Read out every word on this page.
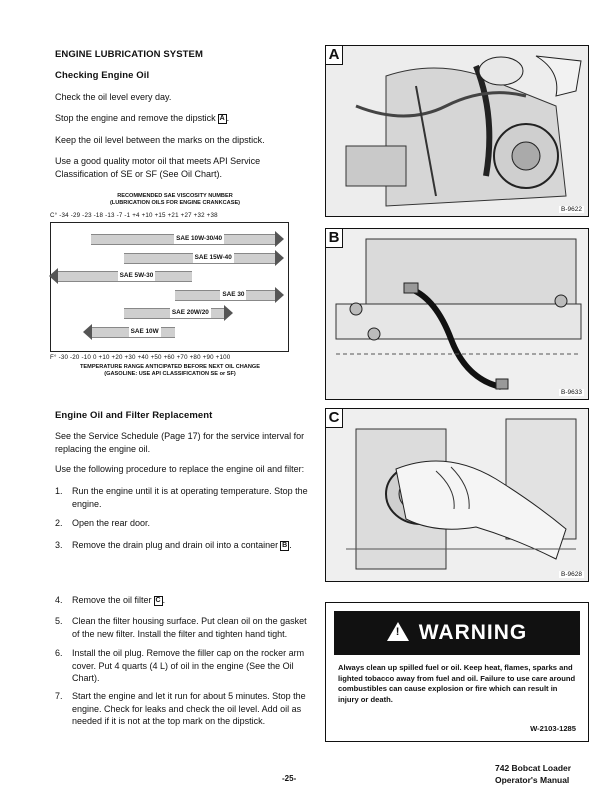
ENGINE LUBRICATION SYSTEM
Checking Engine Oil
Check the oil level every day.
Stop the engine and remove the dipstick A .
Keep the oil level between the marks on the dipstick.
Use a good quality motor oil that meets API Service Classification of SE or SF (See Oil Chart).
RECOMMENDED SAE VISCOSITY NUMBER
(LUBRICATION OILS FOR ENGINE CRANKCASE)
C° -34 -29 -23 -18 -13 -7 -1 +4 +10 +15 +21 +27 +32 +38
SAE 10W-30/40
SAE 15W-40
SAE 5W-30
SAE 30
SAE 20W/20
SAE 10W
F° -30 -20 -10 0 +10 +20 +30 +40 +50 +60 +70 +80 +90 +100
TEMPERATURE RANGE ANTICIPATED BEFORE NEXT OIL CHANGE
(GASOLINE: USE API CLASSIFICATION SE or SF)
Engine Oil and Filter Replacement
See the Service Schedule (Page 17) for the service interval for replacing the engine oil.
Use the following procedure to replace the engine oil and filter:
1.	Run the engine until it is at operating temperature. Stop the engine.
2.	Open the rear door.
3.	Remove the drain plug and drain oil into a container B .
4.	Remove the oil filter C .
5.	Clean the filter housing surface. Put clean oil on the gasket of the new filter. Install the filter and tighten hand tight.
6.	Install the oil plug. Remove the filler cap on the rocker arm cover. Put 4 quarts (4 L) of oil in the engine (See the Oil Chart).
7.	Start the engine and let it run for about 5 minutes. Stop the engine. Check for leaks and check the oil level. Add oil as needed if it is not at the top mark on the dipstick.
A
B-9622
B
B-9633
C
B-9628
! WARNING
Always clean up spilled fuel or oil. Keep heat, flames, sparks and lighted tobacco away from fuel and oil. Failure to use care around combustibles can cause explosion or fire which can result in injury or death.
W-2103-1285
-25-
742 Bobcat Loader
Operator's Manual
